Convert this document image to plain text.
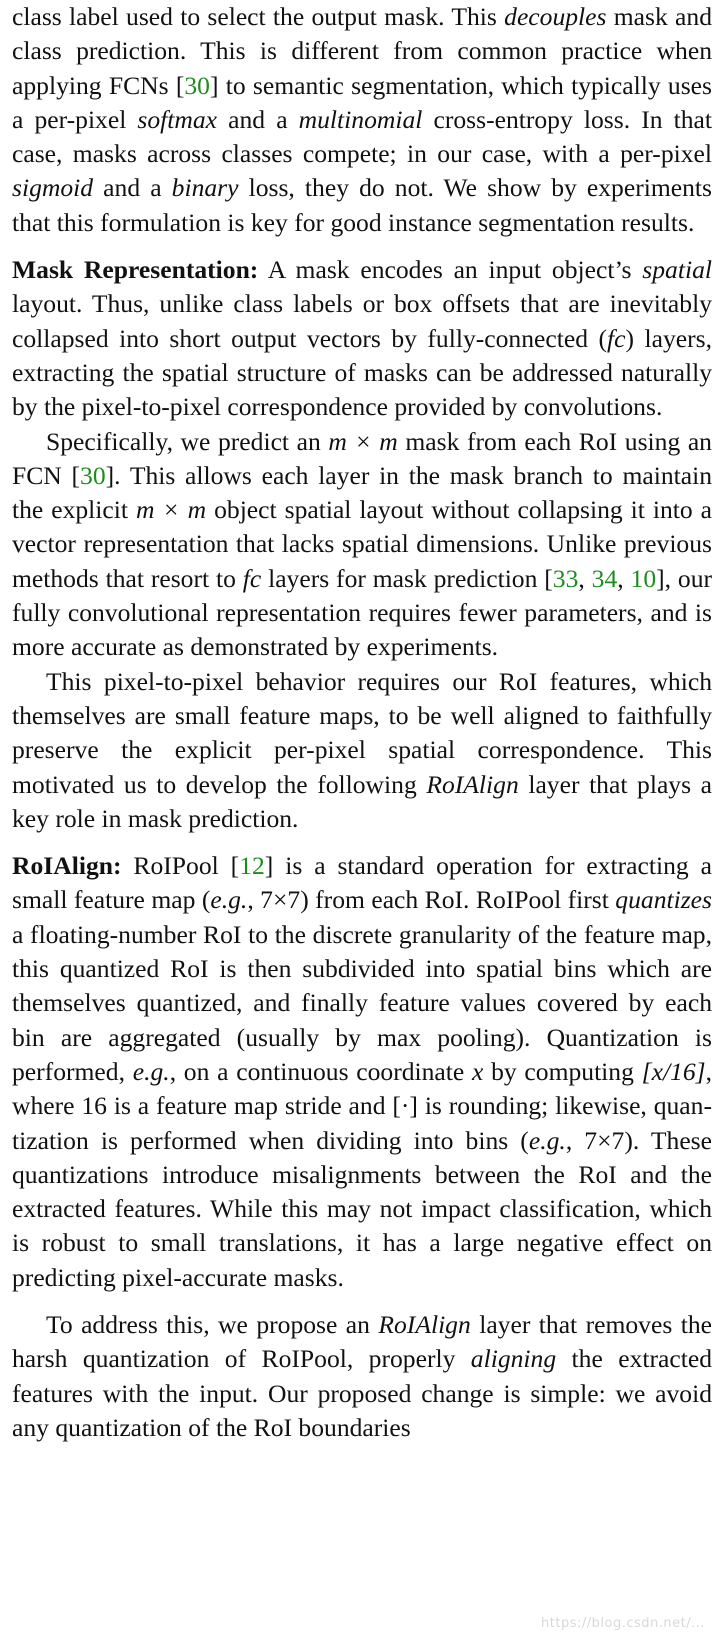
class label used to select the output mask. This decouples mask and class prediction. This is different from common practice when applying FCNs [30] to semantic segmentation, which typically uses a per-pixel softmax and a multinomial cross-entropy loss. In that case, masks across classes compete; in our case, with a per-pixel sigmoid and a binary loss, they do not. We show by experiments that this formulation is key for good instance segmentation results.

Mask Representation: A mask encodes an input object’s spatial layout. Thus, unlike class labels or box offsets that are inevitably collapsed into short output vectors by fully-connected (fc) layers, extracting the spatial structure of masks can be addressed naturally by the pixel-to-pixel correspondence provided by convolutions.

Specifically, we predict an m × m mask from each RoI using an FCN [30]. This allows each layer in the mask branch to maintain the explicit m × m object spatial layout without collapsing it into a vector representation that lacks spatial dimensions. Unlike previous methods that resort to fc layers for mask prediction [33, 34, 10], our fully convolutional representation requires fewer parameters, and is more accurate as demonstrated by experiments.

This pixel-to-pixel behavior requires our RoI features, which themselves are small feature maps, to be well aligned to faithfully preserve the explicit per-pixel spatial correspondence. This motivated us to develop the following RoIAlign layer that plays a key role in mask prediction.

RoIAlign: RoIPool [12] is a standard operation for extracting a small feature map (e.g., 7×7) from each RoI. RoIPool first quantizes a floating-number RoI to the discrete granularity of the feature map, this quantized RoI is then subdivided into spatial bins which are themselves quantized, and finally feature values covered by each bin are aggregated (usually by max pooling). Quantization is performed, e.g., on a continuous coordinate x by computing [x/16], where 16 is a feature map stride and [·] is rounding; likewise, quantization is performed when dividing into bins (e.g., 7×7). These quantizations introduce misalignments between the RoI and the extracted features. While this may not impact classification, which is robust to small translations, it has a large negative effect on predicting pixel-accurate masks.

To address this, we propose an RoIAlign layer that removes the harsh quantization of RoIPool, properly aligning the extracted features with the input. Our proposed change is simple: we avoid any quantization of the RoI boundaries

https://blog.csdn.net/...
